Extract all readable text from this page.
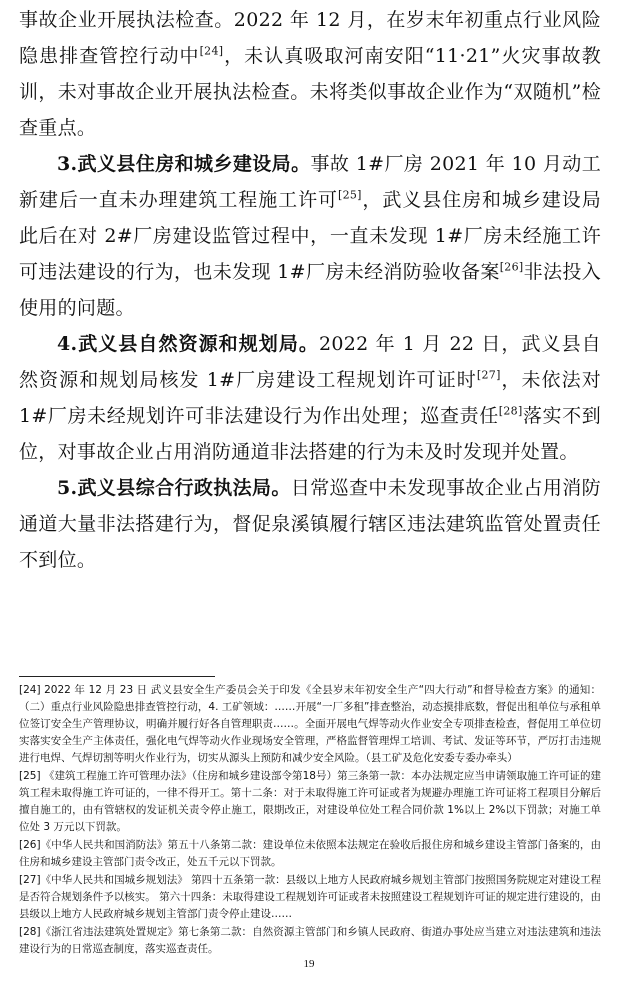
事故企业开展执法检查。2022 年 12 月，在岁末年初重点行业风险隐患排查管控行动中[24]，未认真吸取河南安阳“11·21”火灾事故教训，未对事故企业开展执法检查。未将类似事故企业作为“双随机”检查重点。

3.武义县住房和城乡建设局。事故 1#厂房 2021 年 10 月动工新建后一直未办理建筑工程施工许可[25]，武义县住房和城乡建设局此后在对 2#厂房建设监管过程中，一直未发现 1#厂房未经施工许可违法建设的行为，也未发现 1#厂房未经消防验收备案[26]非法投入使用的问题。

4.武义县自然资源和规划局。2022 年 1 月 22 日，武义县自然资源和规划局核发 1#厂房建设工程规划许可证时[27]，未依法对 1#厂房未经规划许可非法建设行为作出处理；巡查责任[28]落实不到位，对事故企业占用消防通道非法搭建的行为未及时发现并处置。

5.武义县综合行政执法局。日常巡查中未发现事故企业占用消防通道大量非法搭建行为，督促泉溪镇履行辖区违法建筑监管处置责任不到位。

[24] 2022 年 12 月 23 日 武义县安全生产委员会关于印发《全县岁末年初安全生产“四大行动”和督导检查方案》的通知：（二）重点行业风险隐患排查管控行动，4. 工矿领域：……开展“一厂多租”排查整治，动态摸排底数，督促出租单位与承租单位签订安全生产管理协议，明确并履行好各自管理职责……。全面开展电气焊等动火作业安全专项排查检查，督促用工单位切实落实安全生产主体责任，强化电气焊等动火作业现场安全管理，严格监督管理焊工培训、考试、发证等环节，严厉打击违规进行电焊、气焊切割等明火作业行为，切实从源头上预防和减少安全风险。（县工矿及危化安委专委办牵头）

[25] 《建筑工程施工许可管理办法》（住房和城乡建设部令第18号）第三条第一款：本办法规定应当申请领取施工许可证的建筑工程未取得施工许可证的，一律不得开工。第十二条：对于未取得施工许可证或者为规避办理施工许可证将工程项目分解后擅自施工的，由有管辖权的发证机关责令停止施工，限期改正，对建设单位处工程合同价款 1%以上 2%以下罚款；对施工单位处 3 万元以下罚款。

[26]《中华人民共和国消防法》第五十八条第二款：建设单位未依照本法规定在验收后报住房和城乡建设主管部门备案的，由住房和城乡建设主管部门责令改正，处五千元以下罚款。

[27]《中华人民共和国城乡规划法》 第四十五条第一款：县级以上地方人民政府城乡规划主管部门按照国务院规定对建设工程是否符合规划条件予以核实。 第六十四条：未取得建设工程规划许可证或者未按照建设工程规划许可证的规定进行建设的，由县级以上地方人民政府城乡规划主管部门责令停止建设……

[28]《浙江省违法建筑处置规定》第七条第二款：自然资源主管部门和乡镇人民政府、街道办事处应当建立对违法建筑和违法建设行为的日常巡查制度，落实巡查责任。

19
